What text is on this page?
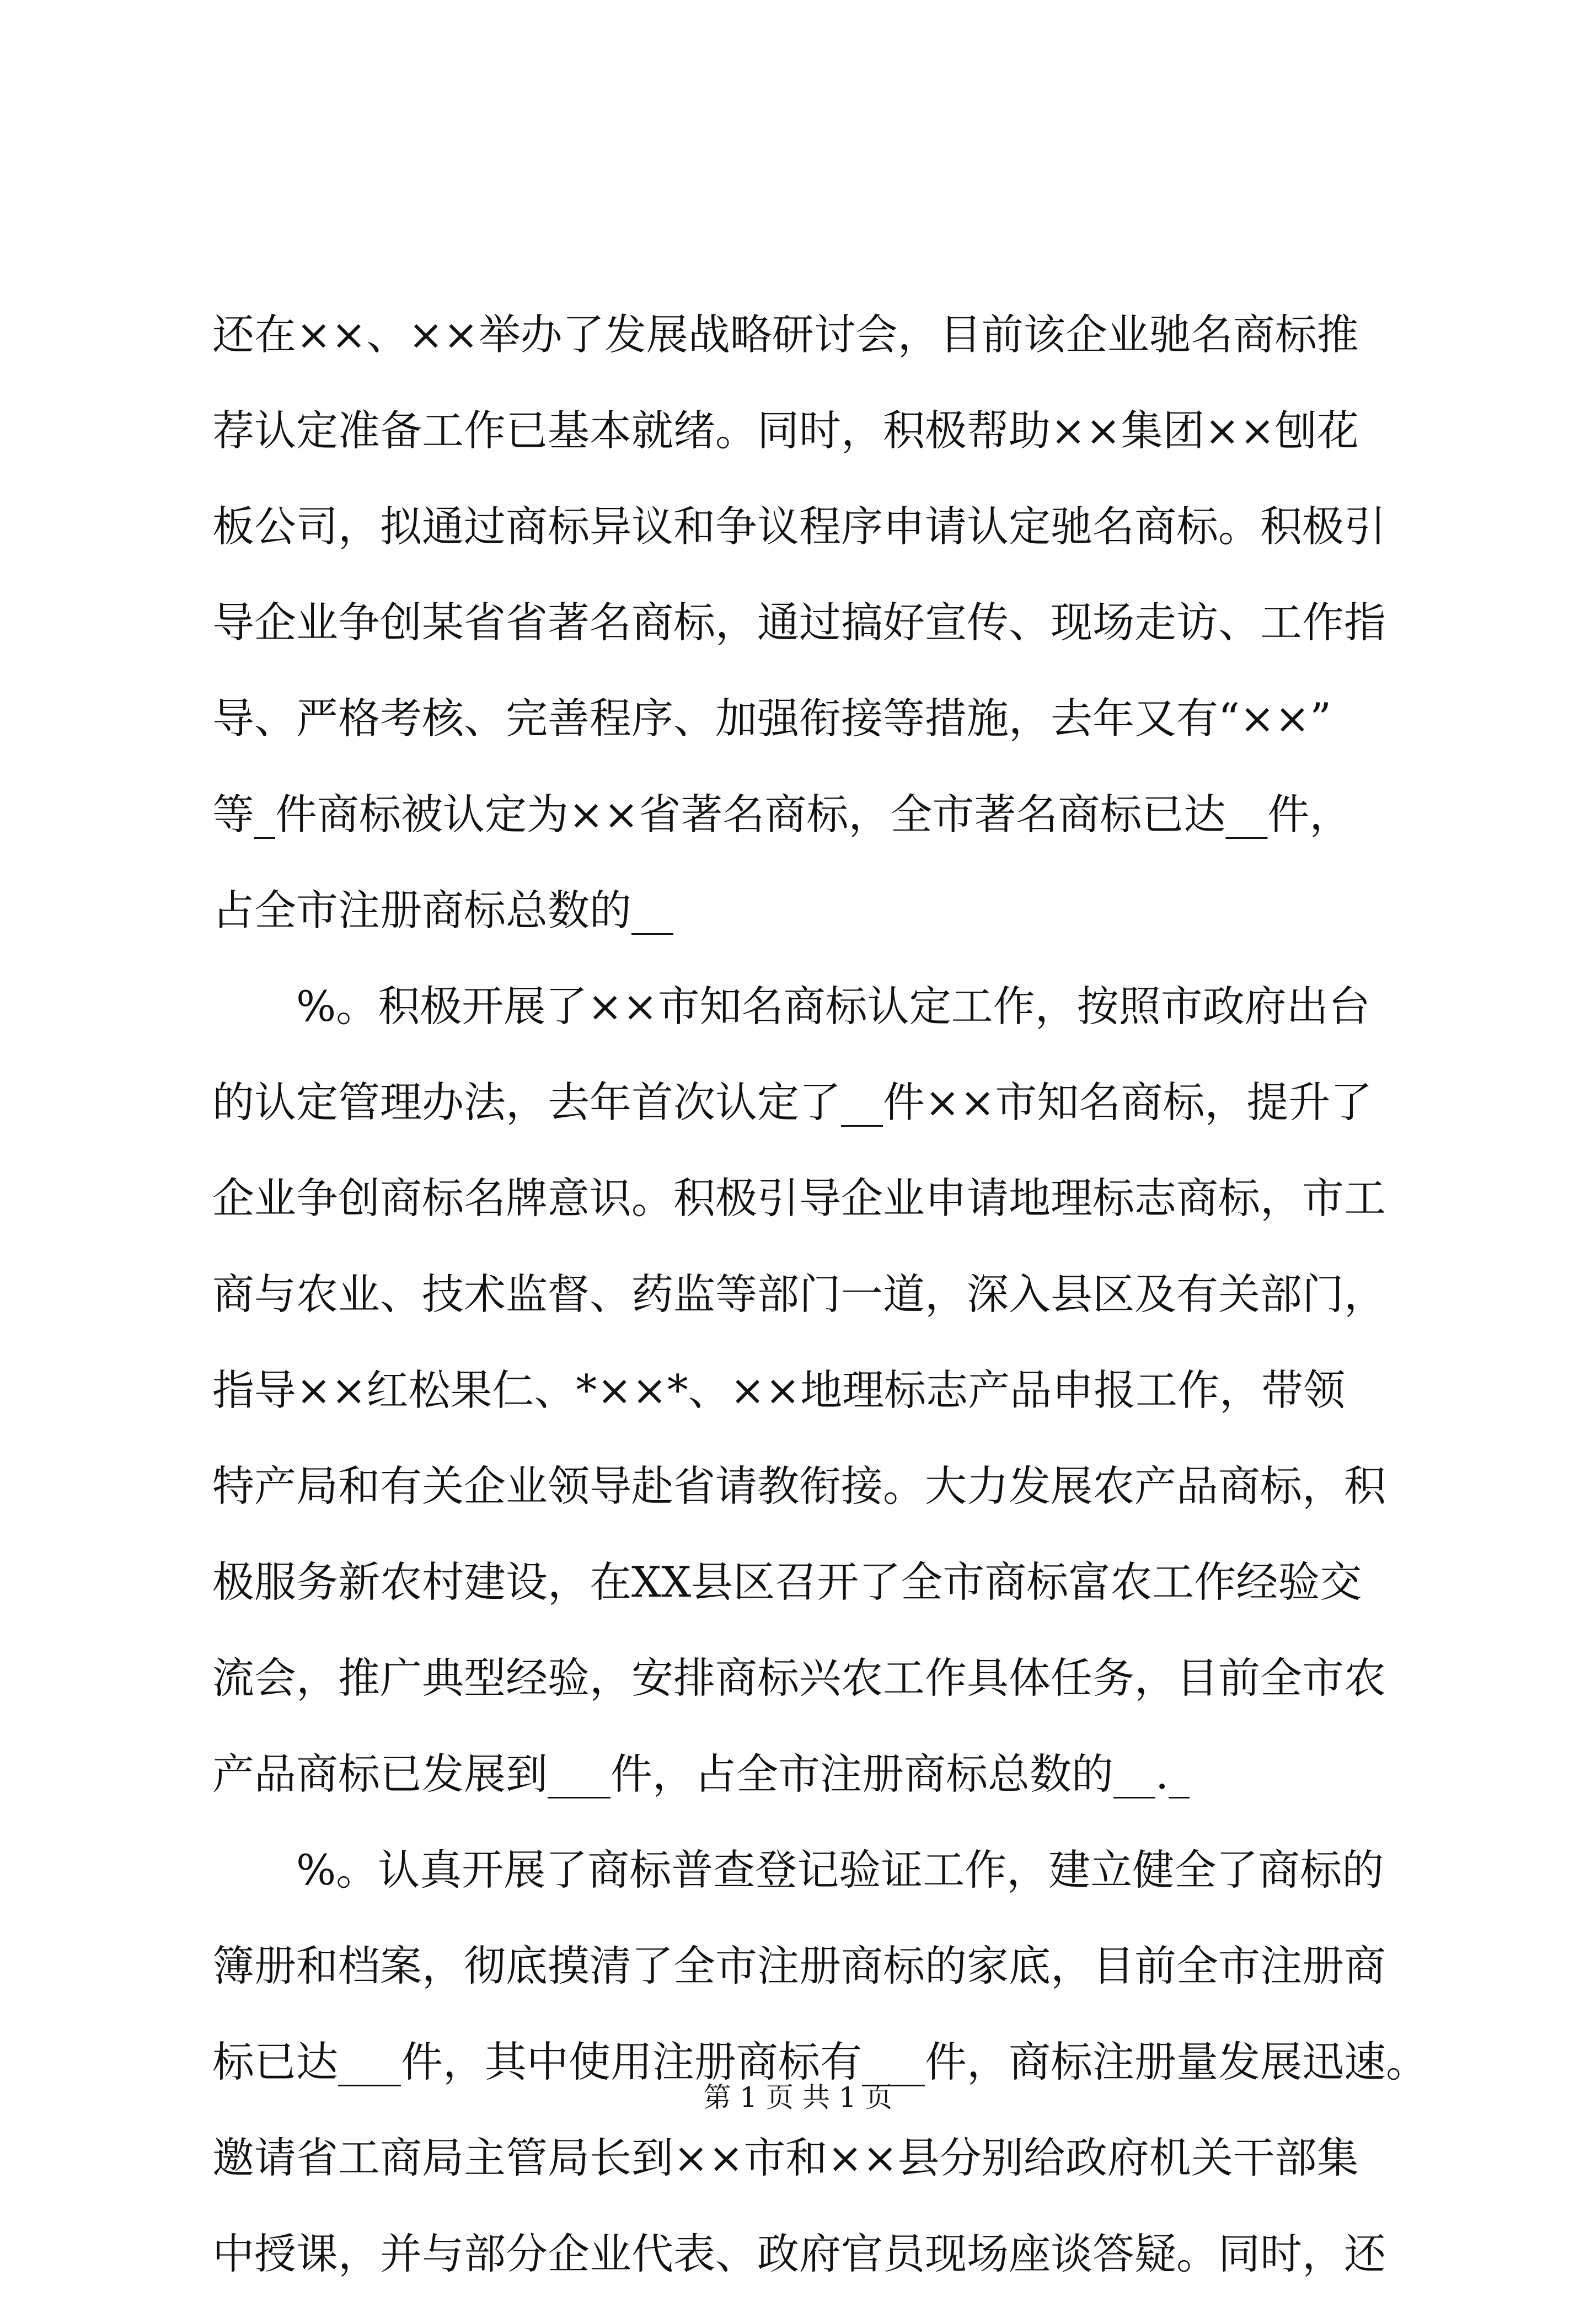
还在××、××举办了发展战略研讨会，目前该企业驰名商标推
荐认定准备工作已基本就绪。同时，积极帮助××集团××刨花
板公司，拟通过商标异议和争议程序申请认定驰名商标。积极引
导企业争创某省省著名商标，通过搞好宣传、现场走访、工作指
导、严格考核、完善程序、加强衔接等措施，去年又有“××”
等_件商标被认定为××省著名商标，全市著名商标已达__件，
占全市注册商标总数的__
%。积极开展了××市知名商标认定工作，按照市政府出台
的认定管理办法，去年首次认定了__件××市知名商标，提升了
企业争创商标名牌意识。积极引导企业申请地理标志商标，市工
商与农业、技术监督、药监等部门一道，深入县区及有关部门，
指导××红松果仁、*××*、××地理标志产品申报工作，带领
特产局和有关企业领导赴省请教衔接。大力发展农产品商标，积
极服务新农村建设，在XX县区召开了全市商标富农工作经验交
流会，推广典型经验，安排商标兴农工作具体任务，目前全市农
产品商标已发展到___件，占全市注册商标总数的__._
%。认真开展了商标普查登记验证工作，建立健全了商标的
簿册和档案，彻底摸清了全市注册商标的家底，目前全市注册商
标已达___件，其中使用注册商标有___件，商标注册量发展迅速。
邀请省工商局主管局长到××市和××县分别给政府机关干部集
中授课，并与部分企业代表、政府官员现场座谈答疑。同时，还
第 1 页 共 1 页
